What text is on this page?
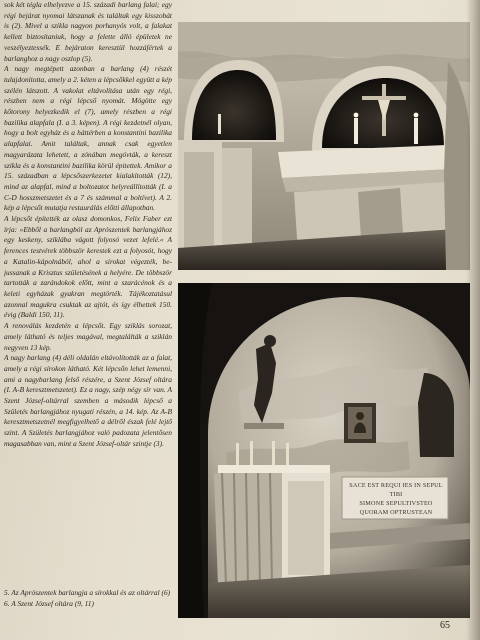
sok két tégla elhelyezve a 15. századi barlang falai; egy régi bejárat nyomai látszanak és találtak egy kisszobát is (2). Mivel a szikla nagyon porhanyós volt, a falakat kellett biztosítaniuk, hogy a felette álló épületek ne veszélyeztessék. E bejáraton keresztül hozzáfértek a barlanghoz a nagy oszlop (5).

A nagy megtépett azonban a barlang (4) részét tulajdonította, amely a 2. kéten a lépcsőkkel együtt a kép szélén látszott. A vakolat eltávolítása után egy régi, részben nem a régi lépcső nyomát. Mögötte egy kőtorony helyezkedik el (7), amely részben a régi bazilika alapfala (I. a 3. képen). A régi kezdetnél olyan, hogy a bolt egyház és a háttérben a konstantini bazilika alapfalai. Amit találtak, annak csak egyetlen magyarázata lehetett, a zónában megóvták, a kereszt szikla és a konstantini bazilika körül épitettek. Amikor a 15. században a lépcsőszerkezetet kialakították (12), mind az alapfal, mind a boltozatot helyreállították (I. a C-D hosszmetszetet és a 7 és számmal a boltívet). A 2. kép a lépcsőt mutatja restaurálás előtti állapotban.

A lépcsőt építették az olasz domonkos, Felix Faber ezt írja: »Ebből a barlangból az Aprószentek barlangjához egy keskeny, sziklába vágott folyosó vezet lefelé.« A ferences testvérek többször kerestek ezt a folyosót, hogy a Katalin-kápolnából, ahol a sírokat végezték, be-jussanak a Krisztus születésének a helyére. De többször tartották a zarándokok előtt, mint a szarácénok és a keleti egyházak gyakran megtörték. Tájékoztatásul azonnal magukra csuktak az ajtót, és így élhettek 150. évig (Baldi 150, 11).

A renoválás kezdetén a lépcsőt. Egy sziklás sorozat, amely látható és teljes magával, megtalálták a sziklán negyven 13 kép.

A nagy barlang (4) déli oldalán eltávolították az a falat, amely a régi sírokon látható. Két lépcsőn lehet lemenni, ami a nagybarlang felső részére, a Szent József oltára (I. A-B keresztmetszetet). Ez a nagy, szép négy sír van. A Szent József-oltárral szemben a második lépcső a Születés barlangjához nyugati részén, a 14. kép. Az A-B keresztmetszetnél megfigyelhető a délről észak felé lejtő szint. A Születés barlangjához való padozata jelentősen magasabban van, mint a Szent József-oltár szintje (3).

5. Az Aprószentek barlangja a sírokkal és az oltárral (6)
6. A Szent József oltára (9, 11)
SACE EST REQUI IES IN SEPUL TIBI
SIMONE SEPULTIVSTEO
QUORAM OPTRUSTEAN
65
